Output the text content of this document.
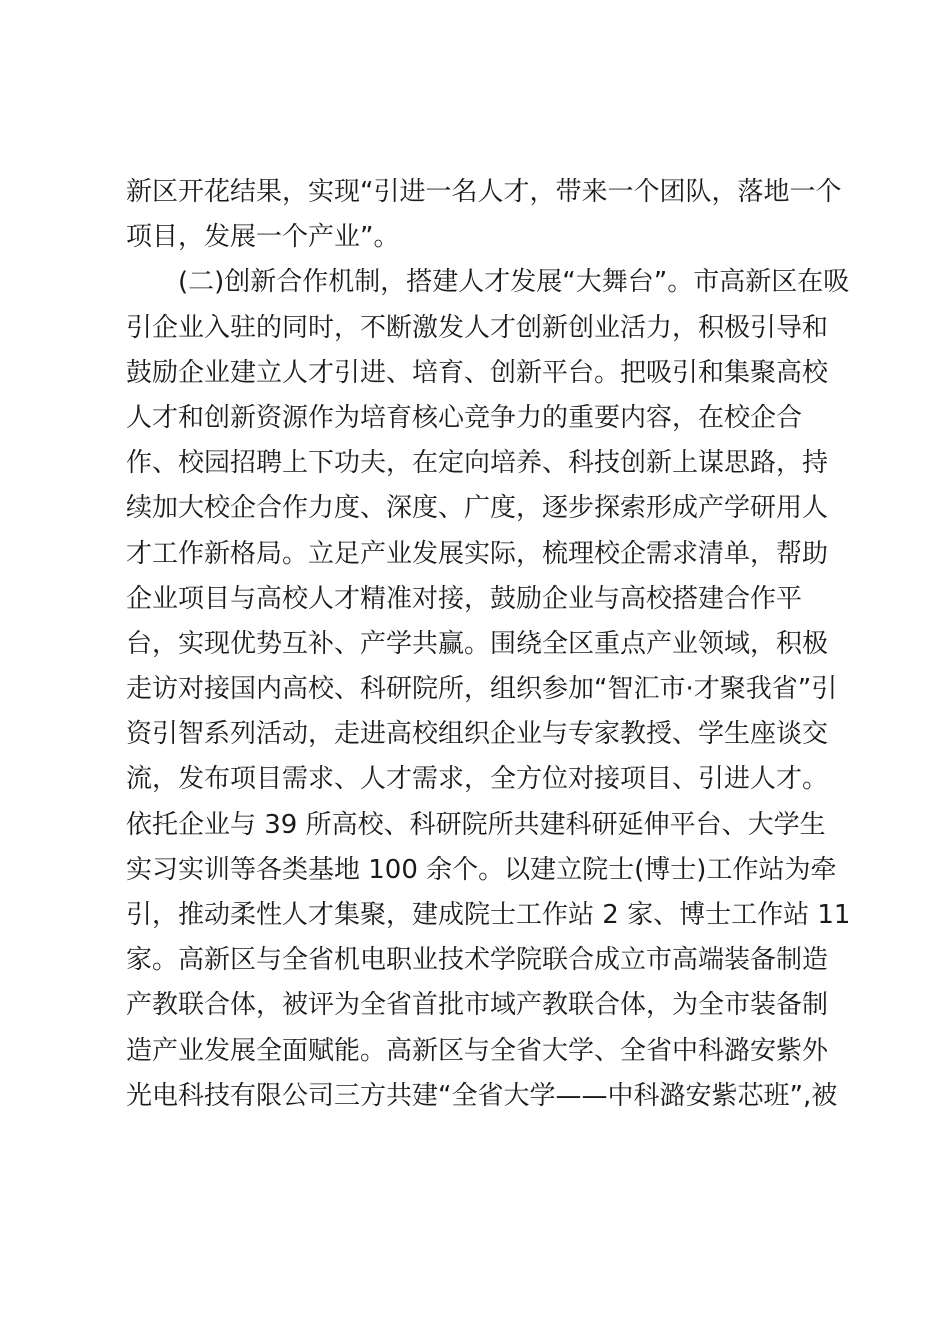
新区开花结果，实现“引进一名人才，带来一个团队，落地一个
项目，发展一个产业”。
(二)创新合作机制，搭建人才发展“大舞台”。市高新区在吸
引企业入驻的同时，不断激发人才创新创业活力，积极引导和
鼓励企业建立人才引进、培育、创新平台。把吸引和集聚高校
人才和创新资源作为培育核心竞争力的重要内容，在校企合
作、校园招聘上下功夫，在定向培养、科技创新上谋思路，持
续加大校企合作力度、深度、广度，逐步探索形成产学研用人
才工作新格局。立足产业发展实际，梳理校企需求清单，帮助
企业项目与高校人才精准对接，鼓励企业与高校搭建合作平
台，实现优势互补、产学共赢。围绕全区重点产业领域，积极
走访对接国内高校、科研院所，组织参加“智汇市·才聚我省”引
资引智系列活动，走进高校组织企业与专家教授、学生座谈交
流，发布项目需求、人才需求，全方位对接项目、引进人才。
依托企业与 39 所高校、科研院所共建科研延伸平台、大学生
实习实训等各类基地 100 余个。以建立院士(博士)工作站为牵
引，推动柔性人才集聚，建成院士工作站 2 家、博士工作站 11
家。高新区与全省机电职业技术学院联合成立市高端装备制造
产教联合体，被评为全省首批市域产教联合体，为全市装备制
造产业发展全面赋能。高新区与全省大学、全省中科潞安紫外
光电科技有限公司三方共建“全省大学——中科潞安紫芯班”,被
